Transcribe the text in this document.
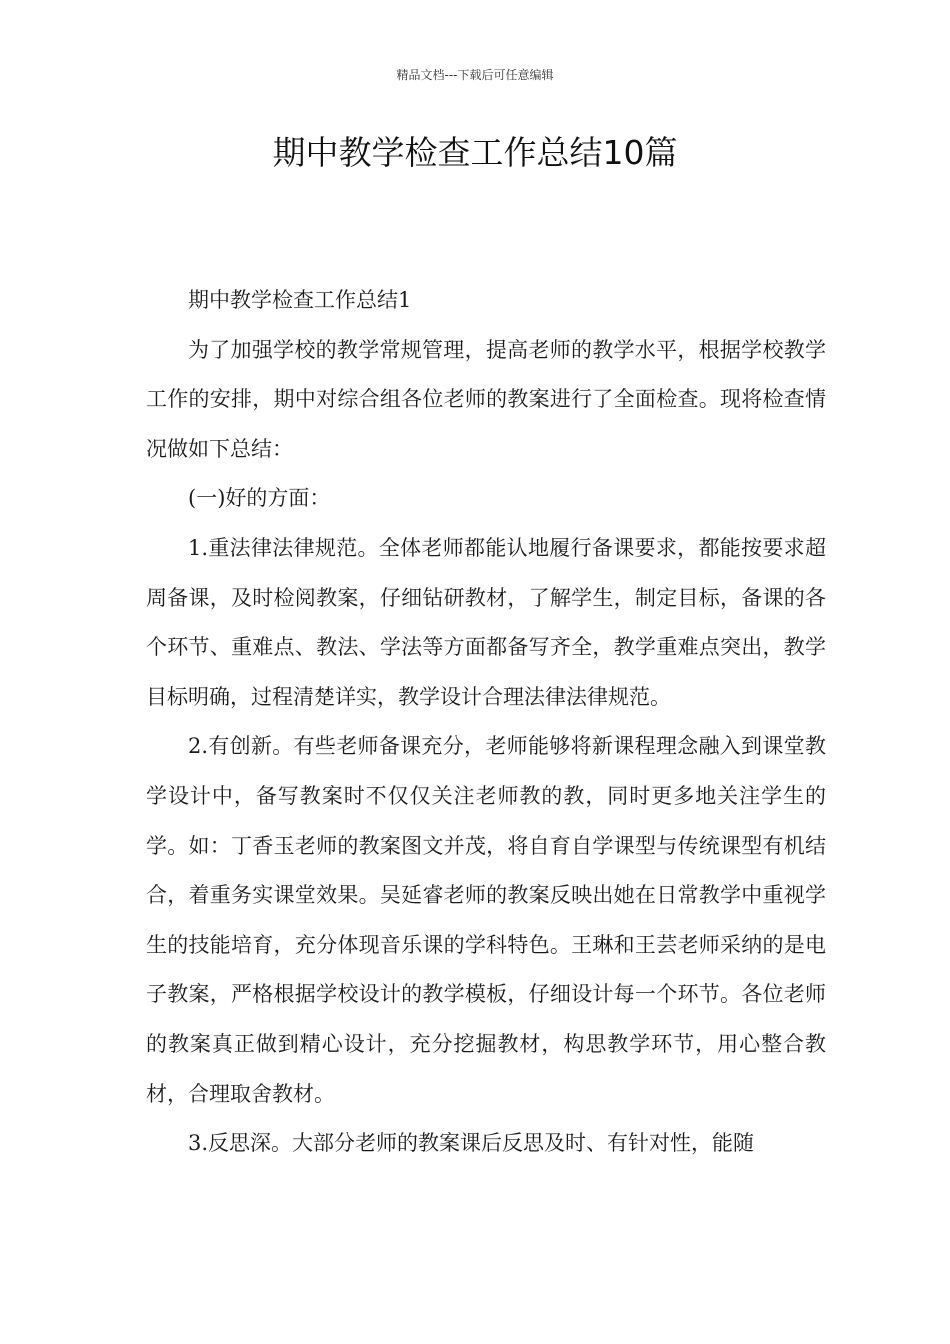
精品文档---下载后可任意编辑
期中教学检查工作总结10篇

期中教学检查工作总结1

为了加强学校的教学常规管理，提高老师的教学水平，根据学校教学工作的安排，期中对综合组各位老师的教案进行了全面检查。现将检查情况做如下总结：

(一)好的方面：

1.重法律法律规范。全体老师都能认地履行备课要求，都能按要求超周备课，及时检阅教案，仔细钻研教材，了解学生，制定目标，备课的各个环节、重难点、教法、学法等方面都备写齐全，教学重难点突出，教学目标明确，过程清楚详实，教学设计合理法律法律规范。

2.有创新。有些老师备课充分，老师能够将新课程理念融入到课堂教学设计中，备写教案时不仅仅关注老师教的教，同时更多地关注学生的学。如：丁香玉老师的教案图文并茂，将自育自学课型与传统课型有机结合，着重务实课堂效果。吴延睿老师的教案反映出她在日常教学中重视学生的技能培育，充分体现音乐课的学科特色。王琳和王芸老师采纳的是电子教案，严格根据学校设计的教学模板，仔细设计每一个环节。各位老师的教案真正做到精心设计，充分挖掘教材，构思教学环节，用心整合教材，合理取舍教材。

3.反思深。大部分老师的教案课后反思及时、有针对性，能随
